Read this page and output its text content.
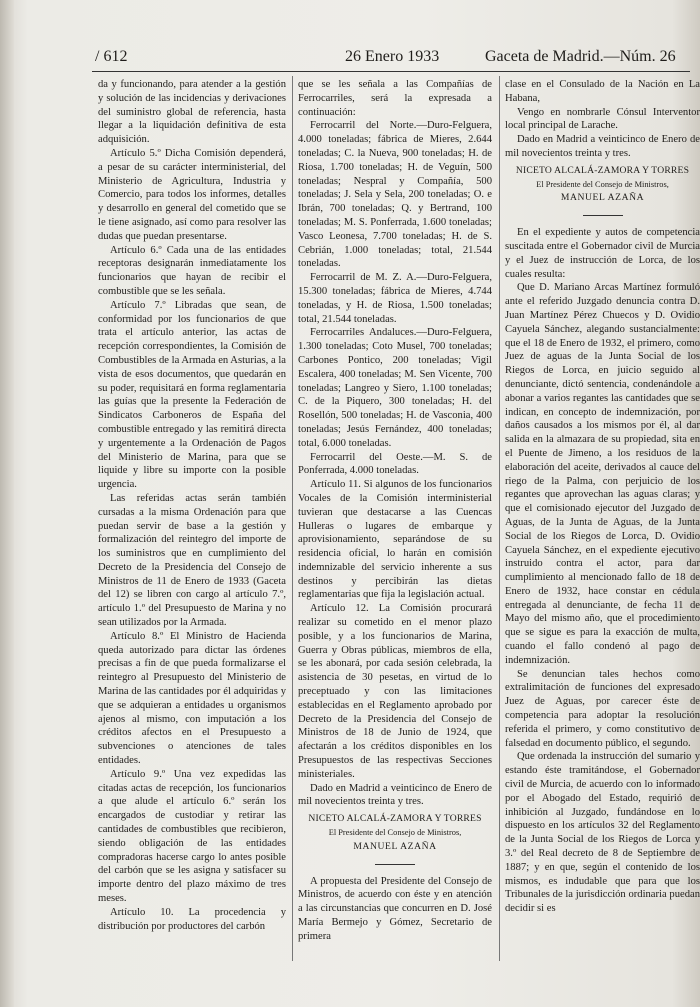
/ 612	26 Enero 1933	Gaceta de Madrid.—Núm. 26

da y funcionando, para atender a la gestión y solución de las incidencias y derivaciones del suministro global de referencia, hasta llegar a la liquidación definitiva de esta adquisición.

Artículo 5.º Dicha Comisión dependerá, a pesar de su carácter interministerial, del Ministerio de Agricultura, Industria y Comercio, para todos los informes, detalles y desarrollo en general del cometido que se le tiene asignado, así como para resolver las dudas que puedan presentarse.

Artículo 6.º Cada una de las entidades receptoras designarán inmediatamente los funcionarios que hayan de recibir el combustible que se les señala.

Artículo 7.º Libradas que sean, de conformidad por los funcionarios de que trata el artículo anterior, las actas de recepción correspondientes, la Comisión de Combustibles de la Armada en Asturias, a la vista de esos documentos, que quedarán en su poder, requisitará en forma reglamentaria las guías que la presente la Federación de Sindicatos Carboneros de España del combustible entregado y las remitirá directa y urgentemente a la Ordenación de Pagos del Ministerio de Marina, para que se liquide y libre su importe con la posible urgencia.

Las referidas actas serán también cursadas a la misma Ordenación para que puedan servir de base a la gestión y formalización del reintegro del importe de los suministros que en cumplimiento del Decreto de la Presidencia del Consejo de Ministros de 11 de Enero de 1933 (Gaceta del 12) se libren con cargo al artículo 7.º, artículo 1.º del Presupuesto de Marina y no sean utilizados por la Armada.

Artículo 8.º El Ministro de Hacienda queda autorizado para dictar las órdenes precisas a fin de que pueda formalizarse el reintegro al Presupuesto del Ministerio de Marina de las cantidades por él adquiridas y que se adquieran a entidades u organismos ajenos al mismo, con imputación a los créditos afectos en el Presupuesto a subvenciones o atenciones de tales entidades.

Artículo 9.º Una vez expedidas las citadas actas de recepción, los funcionarios a que alude el artículo 6.º serán los encargados de custodiar y retirar las cantidades de combustibles que recibieron, siendo obligación de las entidades compradoras hacerse cargo lo antes posible del carbón que se les asigna y satisfacer su importe dentro del plazo máximo de tres meses.

Artículo 10. La procedencia y distribución por productores del carbón

que se les señala a las Compañías de Ferrocarriles, será la expresada a continuación:

Ferrocarril del Norte.—Duro-Felguera, 4.000 toneladas; fábrica de Mieres, 2.644 toneladas; C. la Nueva, 900 toneladas; H. de Riosa, 1.700 toneladas; H. de Veguín, 500 toneladas; Nespral y Compañía, 500 toneladas; J. Sela y Sela, 200 toneladas; O. e Ibrán, 700 toneladas; Q. y Bertrand, 100 toneladas; M. S. Ponferrada, 1.600 toneladas; Vasco Leonesa, 7.700 toneladas; H. de S. Cebrián, 1.000 toneladas; total, 21.544 toneladas.

Ferrocarril de M. Z. A.—Duro-Felguera, 15.300 toneladas; fábrica de Mieres, 4.744 toneladas, y H. de Riosa, 1.500 toneladas; total, 21.544 toneladas.

Ferrocarriles Andaluces.—Duro-Felguera, 1.300 toneladas; Coto Musel, 700 toneladas; Carbones Pontico, 200 toneladas; Vigil Escalera, 400 toneladas; M. Sen Vicente, 700 toneladas; Langreo y Siero, 1.100 toneladas; C. de la Piquero, 300 toneladas; H. del Rosellón, 500 toneladas; H. de Vasconia, 400 toneladas; Jesús Fernández, 400 toneladas; total, 6.000 toneladas.

Ferrocarril del Oeste.—M. S. de Ponferrada, 4.000 toneladas.

Artículo 11. Si algunos de los funcionarios Vocales de la Comisión interministerial tuvieran que destacarse a las Cuencas Hulleras o lugares de embarque y aprovisionamiento, separándose de su residencia oficial, lo harán en comisión indemnizable del servicio inherente a sus destinos y percibirán las dietas reglamentarias que fija la legislación actual.

Artículo 12. La Comisión procurará realizar su cometido en el menor plazo posible, y a los funcionarios de Marina, Guerra y Obras públicas, miembros de ella, se les abonará, por cada sesión celebrada, la asistencia de 30 pesetas, en virtud de lo preceptuado y con las limitaciones establecidas en el Reglamento aprobado por Decreto de la Presidencia del Consejo de Ministros de 18 de Junio de 1924, que afectarán a los créditos disponibles en los Presupuestos de las respectivas Secciones ministeriales.

Dado en Madrid a veinticinco de Enero de mil novecientos treinta y tres.

NICETO ALCALÁ-ZAMORA Y TORRES

El Presidente del Consejo de Ministros,

MANUEL AZAÑA

A propuesta del Presidente del Consejo de Ministros, de acuerdo con éste y en atención a las circunstancias que concurren en D. José María Bermejo y Gómez, Secretario de primera

clase en el Consulado de la Nación en La Habana,

Vengo en nombrarle Cónsul Interventor local principal de Larache.

Dado en Madrid a veinticinco de Enero de mil novecientos treinta y tres.

NICETO ALCALÁ-ZAMORA Y TORRES

El Presidente del Consejo de Ministros,

MANUEL AZAÑA

En el expediente y autos de competencia suscitada entre el Gobernador civil de Murcia y el Juez de instrucción de Lorca, de los cuales resulta:

Que D. Mariano Arcas Martínez formuló ante el referido Juzgado denuncia contra D. Juan Martínez Pérez Chuecos y D. Ovidio Cayuela Sánchez, alegando sustancialmente: que el 18 de Enero de 1932, el primero, como Juez de aguas de la Junta Social de los Riegos de Lorca, en juicio seguido al denunciante, dictó sentencia, condenándole a abonar a varios regantes las cantidades que se indican, en concepto de indemnización, por daños causados a los mismos por él, al dar salida en la almazara de su propiedad, sita en el Puente de Jimeno, a los residuos de la elaboración del aceite, derivados al cauce del riego de la Palma, con perjuicio de los regantes que aprovechan las aguas claras; y que el comisionado ejecutor del Juzgado de Aguas, de la Junta de Aguas, de la Junta Social de los Riegos de Lorca, D. Ovidio Cayuela Sánchez, en el expediente ejecutivo instruido contra el actor, para dar cumplimiento al mencionado fallo de 18 de Enero de 1932, hace constar en cédula entregada al denunciante, de fecha 11 de Mayo del mismo año, que el procedimiento que se sigue es para la exacción de multa, cuando el fallo condenó al pago de indemnización.

Se denuncian tales hechos como extralimitación de funciones del expresado Juez de Aguas, por carecer éste de competencia para adoptar la resolución referida el primero, y como constitutivo de falsedad en documento público, el segundo.

Que ordenada la instrucción del sumario y estando éste tramitándose, el Gobernador civil de Murcia, de acuerdo con lo informado por el Abogado del Estado, requirió de inhibición al Juzgado, fundándose en lo dispuesto en los artículos 32 del Reglamento de la Junta Social de los Riegos de Lorca y 3.º del Real decreto de 8 de Septiembre de 1887; y en que, según el contenido de los mismos, es indudable que para que los Tribunales de la jurisdicción ordinaria puedan decidir si es
